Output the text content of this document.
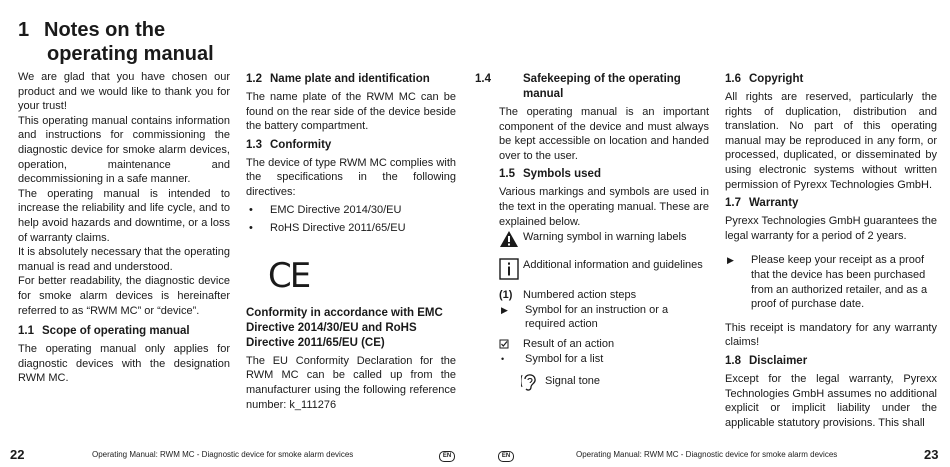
1 Notes on the
operating manual

We are glad that you have chosen our product and we would like to thank you for your trust!

This operating manual contains information and instructions for commissioning the diagnostic device for smoke alarm devices, operation, maintenance and decommissioning in a safe manner.

The operating manual is intended to increase the reliability and life cycle, and to help avoid hazards and downtime, or a loss of warranty claims.

It is absolutely necessary that the operating manual is read and understood.

For better readability, the diagnostic device for smoke alarm devices is hereinafter referred to as “RWM MC” or “device”.

1.1 Scope of operating manual

The operating manual only applies for diagnostic devices with the designation RWM MC.

1.2 Name plate and identification

The name plate of the RWM MC can be found on the rear side of the device beside the battery compartment.

1.3 Conformity

The device of type RWM MC complies with the specifications in the following directives:

• EMC Directive 2014/30/EU
• RoHS Directive 2011/65/EU
CE
Conformity in accordance with EMC Directive 2014/30/EU and RoHS Directive 2011/65/EU (CE)

The EU Conformity Declaration for the RWM MC can be called up from the manufacturer using the following reference number: k_111276

1.4	Safekeeping of the operating manual

The operating manual is an important component of the device and must always be kept accessible on location and handed over to the user.

1.5 Symbols used

Various markings and symbols are used in the text in the operating manual. These are explained below.

Warning symbol in warning labels
Additional information and guidelines
(1) Numbered action steps
▶	Symbol for an instruction or a required action
Result of an action
•	Symbol for a list
Signal tone
1.6 Copyright

All rights are reserved, particularly the rights of duplication, distribution and translation. No part of this operating manual may be reproduced in any form, or processed, duplicated, or disseminated by using electronic systems without written permission of Pyrexx Technologies GmbH.

1.7 Warranty

Pyrexx Technologies GmbH guarantees the legal warranty for a period of 2 years.

▶	Please keep your receipt as a proof that the device has been purchased from an authorized retailer, and as a proof of purchase date.

This receipt is mandatory for any warranty claims!

1.8 Disclaimer

Except for the legal warranty, Pyrexx Technologies GmbH assumes no additional explicit or implicit liability under the applicable statutory provisions. This shall

22	Operating Manual: RWM MC - Diagnostic device for smoke alarm devices	EN	EN	Operating Manual: RWM MC - Diagnostic device for smoke alarm devices	23
